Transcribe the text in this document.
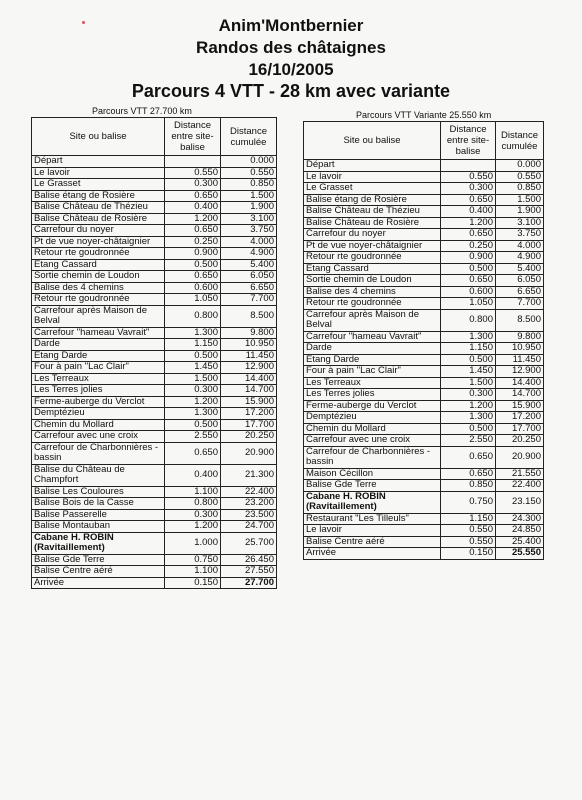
Anim'Montbernier
Randos des châtaignes
16/10/2005
Parcours 4 VTT - 28 km avec variante
Parcours VTT 27.700 km	Parcours VTT Variante 25.550 km
Site ou balise	Distance entre site-balise	Distance cumulée
Départ		0.000
Le lavoir	0.550	0.550
Le Grasset	0.300	0.850
Balise étang de Rosière	0.650	1.500
Balise Château de Thézieu	0.400	1.900
Balise Château de Rosière	1.200	3.100
Carrefour du noyer	0.650	3.750
Pt de vue noyer-châtaignier	0.250	4.000
Retour rte goudronnée	0.900	4.900
Etang Cassard	0.500	5.400
Sortie chemin de Loudon	0.650	6.050
Balise des 4 chemins	0.600	6.650
Retour rte goudronnée	1.050	7.700
Carrefour après Maison de Belval	0.800	8.500
Carrefour "hameau Vavrait"	1.300	9.800
Darde	1.150	10.950
Etang Darde	0.500	11.450
Four à pain "Lac Clair"	1.450	12.900
Les Terreaux	1.500	14.400
Les Terres jolies	0.300	14.700
Ferme-auberge du Verclot	1.200	15.900
Demptézieu	1.300	17.200
Chemin du Mollard	0.500	17.700
Carrefour avec une croix	2.550	20.250
Carrefour de Charbonnières - bassin	0.650	20.900
Balise du Château de Champfort	0.400	21.300
Balise Les Couloures	1.100	22.400
Balise Bois de la Casse	0.800	23.200
Balise Passerelle	0.300	23.500
Balise Montauban	1.200	24.700
Cabane H. ROBIN (Ravitaillement)	1.000	25.700
Balise Gde Terre	0.750	26.450
Balise Centre aéré	1.100	27.550
Arrivée	0.150	27.700
Site ou balise	Distance entre site-balise	Distance cumulée
Départ		0.000
Le lavoir	0.550	0.550
Le Grasset	0.300	0.850
Balise étang de Rosière	0.650	1.500
Balise Château de Thézieu	0.400	1.900
Balise Château de Rosière	1.200	3.100
Carrefour du noyer	0.650	3.750
Pt de vue noyer-châtaignier	0.250	4.000
Retour rte goudronnée	0.900	4.900
Etang Cassard	0.500	5.400
Sortie chemin de Loudon	0.650	6.050
Balise des 4 chemins	0.600	6.650
Retour rte goudronnée	1.050	7.700
Carrefour après Maison de Belval	0.800	8.500
Carrefour "hameau Vavrait"	1.300	9.800
Darde	1.150	10.950
Etang Darde	0.500	11.450
Four à pain "Lac Clair"	1.450	12.900
Les Terreaux	1.500	14.400
Les Terres jolies	0.300	14.700
Ferme-auberge du Verclot	1.200	15.900
Demptézieu	1.300	17.200
Chemin du Mollard	0.500	17.700
Carrefour avec une croix	2.550	20.250
Carrefour de Charbonnières - bassin	0.650	20.900
Maison Cécillon	0.650	21.550
Balise Gde Terre	0.850	22.400
Cabane H. ROBIN (Ravitaillement)	0.750	23.150
Restaurant "Les Tilleuls"	1.150	24.300
Le lavoir	0.550	24.850
Balise Centre aéré	0.550	25.400
Arrivée	0.150	25.550
